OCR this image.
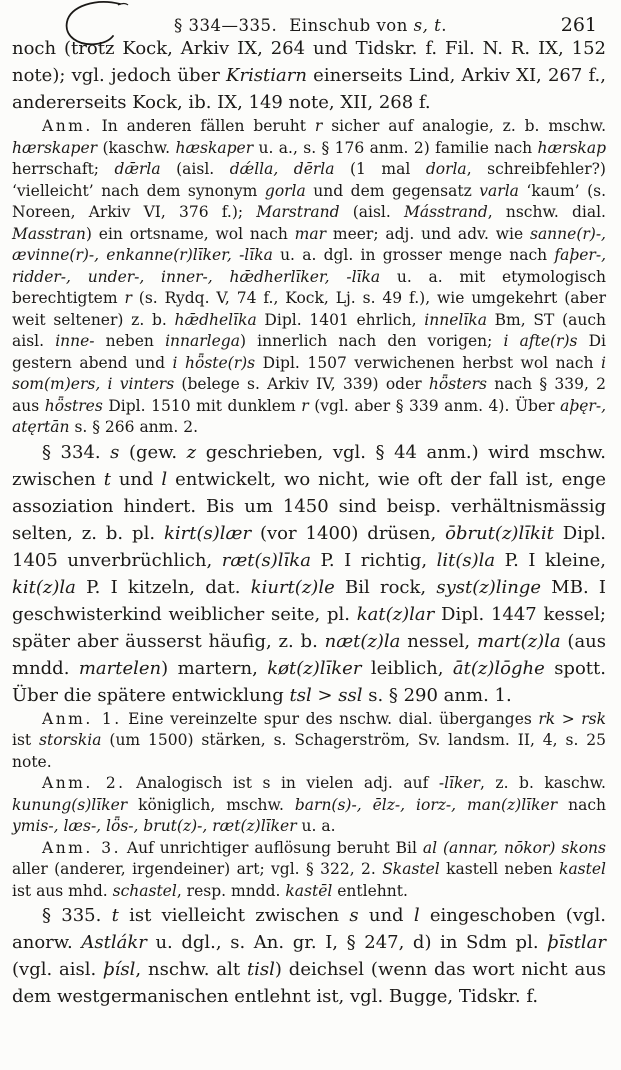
§ 334—335. Einschub von s, t.	261

noch (trotz Kock, Arkiv IX, 264 und Tidskr. f. Fil. N. R. IX, 152 note); vgl. jedoch über Kristiarn einerseits Lind, Arkiv XI, 267 f., andererseits Kock, ib. IX, 149 note, XII, 268 f.

Anm. In anderen fällen beruht r sicher auf analogie, z. b. mschw. hærskaper (kaschw. hæskaper u. a., s. § 176 anm. 2) familie nach hærskap herrschaft; dǣrla (aisl. dǽlla, dērla (1 mal dorla, schreibfehler?) ‘vielleicht’ nach dem synonym gorla und dem gegensatz varla ‘kaum’ (s. Noreen, Arkiv VI, 376 f.); Marstrand (aisl. Másstrand, nschw. dial. Masstran) ein ortsname, wol nach mar meer; adj. und adv. wie sanne(r)-, ævinne(r)-, enkanne(r)līker, -līka u. a. dgl. in grosser menge nach faþer-, ridder-, under-, inner-, hǣdherlīker, -līka u. a. mit etymologisch berechtigtem r (s. Rydq. V, 74 f., Kock, Lj. s. 49 f.), wie umgekehrt (aber weit seltener) z. b. hǣdhelīka Dipl. 1401 ehrlich, innelīka Bm, ST (auch aisl. inne- neben innarlega) innerlich nach den vorigen; i afte(r)s Di gestern abend und i hȫste(r)s Dipl. 1507 verwichenen herbst wol nach i som(m)ers, i vinters (belege s. Arkiv IV, 339) oder hȫsters nach § 339, 2 aus hȫstres Dipl. 1510 mit dunklem r (vgl. aber § 339 anm. 4). Über aþęr-, atęrtān s. § 266 anm. 2.

§ 334. s (gew. z geschrieben, vgl. § 44 anm.) wird mschw. zwischen t und l entwickelt, wo nicht, wie oft der fall ist, enge assoziation hindert. Bis um 1450 sind beisp. verhältnismässig selten, z. b. pl. kirt(s)lær (vor 1400) drüsen, ōbrut(z)līkit Dipl. 1405 unverbrüchlich, ræt(s)līka P. I richtig, lit(s)la P. I kleine, kit(z)la P. I kitzeln, dat. kiurt(z)le Bil rock, syst(z)linge MB. I geschwisterkind weiblicher seite, pl. kat(z)lar Dipl. 1447 kessel; später aber äusserst häufig, z. b. næt(z)la nessel, mart(z)la (aus mndd. martelen) martern, køt(z)līker leiblich, āt(z)lōghe spott. Über die spätere entwicklung tsl > ssl s. § 290 anm. 1.

Anm. 1. Eine vereinzelte spur des nschw. dial. überganges rk > rsk ist storskia (um 1500) stärken, s. Schagerström, Sv. landsm. II, 4, s. 25 note.

Anm. 2. Analogisch ist s in vielen adj. auf -līker, z. b. kaschw. kunung(s)līker königlich, mschw. barn(s)-, ēlz-, iorz-, man(z)līker nach ymis-, læs-, lȫs-, brut(z)-, ræt(z)līker u. a.

Anm. 3. Auf unrichtiger auflösung beruht Bil al (annar, nōkor) skons aller (anderer, irgendeiner) art; vgl. § 322, 2. Skastel kastell neben kastel ist aus mhd. schastel, resp. mndd. kastēl entlehnt.

§ 335. t ist vielleicht zwischen s und l eingeschoben (vgl. anorw. Astlákr u. dgl., s. An. gr. I, § 247, d) in Sdm pl. þīstlar (vgl. aisl. þísl, nschw. alt tisl) deichsel (wenn das wort nicht aus dem westgermanischen entlehnt ist, vgl. Bugge, Tidskr. f.
